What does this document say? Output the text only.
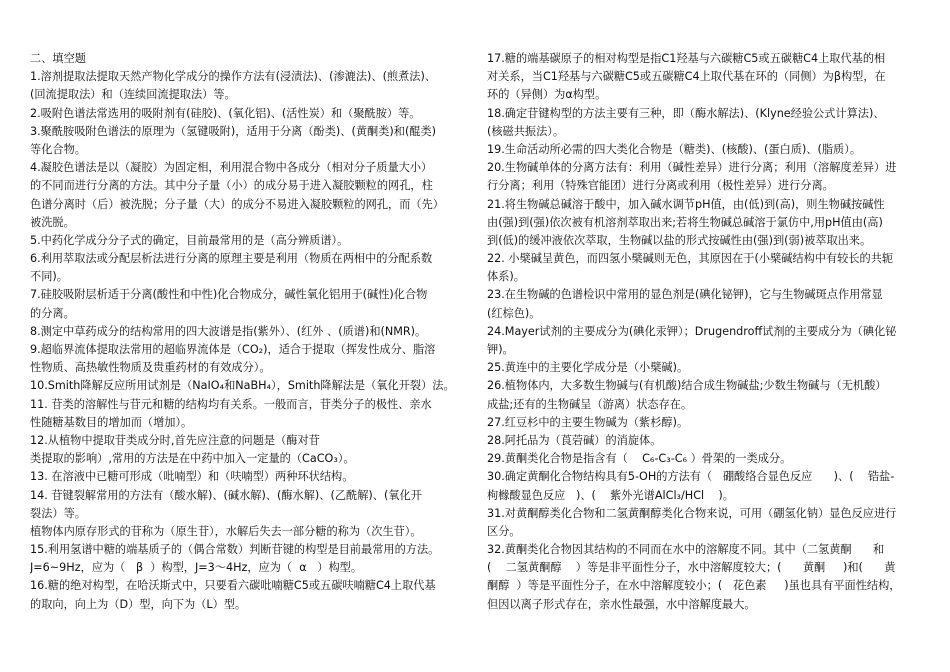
二、填空题
1.溶剂提取法提取天然产物化学成分的操作方法有(浸渍法)、(渗漉法)、(煎煮法)、
(回流提取法）和（连续回流提取法）等。
2.吸附色谱法常选用的吸附剂有(硅胶)、(氧化铝)、(活性炭）和（聚酰胺）等。
3.聚酰胺吸附色谱法的原理为（氢键吸附)，适用于分离（酚类)、(黄酮类)和(醌类)
等化合物。
4.凝胶色谱法是以（凝胶）为固定相，利用混合物中各成分（相对分子质量大小）
的不同而进行分离的方法。其中分子量（小）的成分易于进入凝胶颗粒的网孔，柱
色谱分离时（后）被洗脱；分子量（大）的成分不易进入凝胶颗粒的网孔，而（先）
被洗脱。
5.中药化学成分分子式的确定，目前最常用的是（高分辨质谱）。
6.利用萃取法或分配层析法进行分离的原理主要是利用（物质在两相中的分配系数
不同)。
7.硅胶吸附层析适于分离(酸性和中性)化合物成分，碱性氧化铝用于(碱性)化合物
的分离。
8.测定中草药成分的结构常用的四大波谱是指(紫外）、(红外 、(质谱)和(NMR)。
9.超临界流体提取法常用的超临界流体是（CO₂)，适合于提取（挥发性成分、脂溶
性物质、高热敏性物质及贵重药材的有效成分）。
10.Smith降解反应所用试剂是（NaIO₄和NaBH₄），Smith降解法是（氧化开裂）法。
11. 苷类的溶解性与苷元和糖的结构均有关系。一般而言，苷类分子的极性、亲水
性随糖基数目的增加而（增加）。
12.从植物中提取苷类成分时,首先应注意的问题是（酶对苷
类提取的影响）,常用的方法是在中药中加入一定量的（CaCO₃）。
13. 在溶液中已糖可形成（吡喃型）和（呋喃型）两种环状结构。
14. 苷键裂解常用的方法有（酸水解)、(碱水解)、(酶水解)、(乙酰解)、(氧化开
裂法）等。
植物体内原存形式的苷称为（原生苷），水解后失去一部分糖的称为（次生苷）。
15.利用氢谱中糖的端基质子的（偶合常数）判断苷键的构型是目前最常用的方法。
J=6~9Hz，应为（   β  ）构型，J=3～4Hz，应为（  α   ）构型。
16.糖的绝对构型，在哈沃斯式中，只要看六碳吡喃糖C5或五碳呋喃糖C4上取代基
的取向，向上为（D）型，向下为（L）型。
17.糖的端基碳原子的相对构型是指C1羟基与六碳糖C5或五碳糖C4上取代基的相
对关系，当C1羟基与六碳糖C5或五碳糖C4上取代基在环的（同侧）为β构型，在
环的（异侧）为α构型。
18.确定苷键构型的方法主要有三种，即（酶水解法)、(Klyne经验公式计算法)、
(核磁共振法）。
19.生命活动所必需的四大类化合物是（糖类)、(核酸)、(蛋白质)、(脂质）。
20.生物碱单体的分离方法有：利用（碱性差异）进行分离；利用（溶解度差异）进
行分离；利用（特殊官能团）进行分离或利用（极性差异）进行分离。
21.将生物碱总碱溶于酸中，加入碱水调节pH值，由(低)到(高)，则生物碱按碱性
由(强)到(强)依次被有机溶剂萃取出来;若将生物碱总碱溶于氯仿中,用pH值由(高)
到(低)的缓冲液依次萃取，生物碱以盐的形式按碱性由(强)到(弱)被萃取出来。
22. 小檗碱呈黄色，而四氢小檗碱则无色，其原因在于(小檗碱结构中有较长的共轭
体系)。
23.在生物碱的色谱检识中常用的显色剂是(碘化铋钾)，它与生物碱斑点作用常显
(红棕色)。
24.Mayer试剂的主要成分为(碘化汞钾）；Drugendroff试剂的主要成分为（碘化铋
钾)。
25.黄连中的主要化学成分是（小檗碱)。
26.植物体内，大多数生物碱与(有机酸)结合成生物碱盐;少数生物碱与（无机酸）
成盐;还有的生物碱呈（游离）状态存在。
27.红豆杉中的主要生物碱为（紫杉醇)。
28.阿托品为（莨菪碱）的消旋体。
29.黄酮类化合物是指含有（    C₆-C₃-C₆ ）骨架的一类成分。
30.确定黄酮化合物结构具有5-OH的方法有（   硼酸络合显色反应      )、(    锆盐-
枸橼酸显色反应   )、(    紫外光谱AlCl₃/HCl    )。
31.对黄酮醇类化合物和二氢黄酮醇类化合物来说，可用（硼氢化钠）显色反应进行
区分。
32.黄酮类化合物因其结构的不同而在水中的溶解度不同。其中（二氢黄酮      和
(    二氢黄酮醇    ）等是非平面性分子，水中溶解度较大；(      黄酮     )和(      黄
酮醇  ）等是平面性分子，在水中溶解度较小；(   花色素     )虽也具有平面性结构，
但因以离子形式存在，亲水性最强，水中溶解度最大。
